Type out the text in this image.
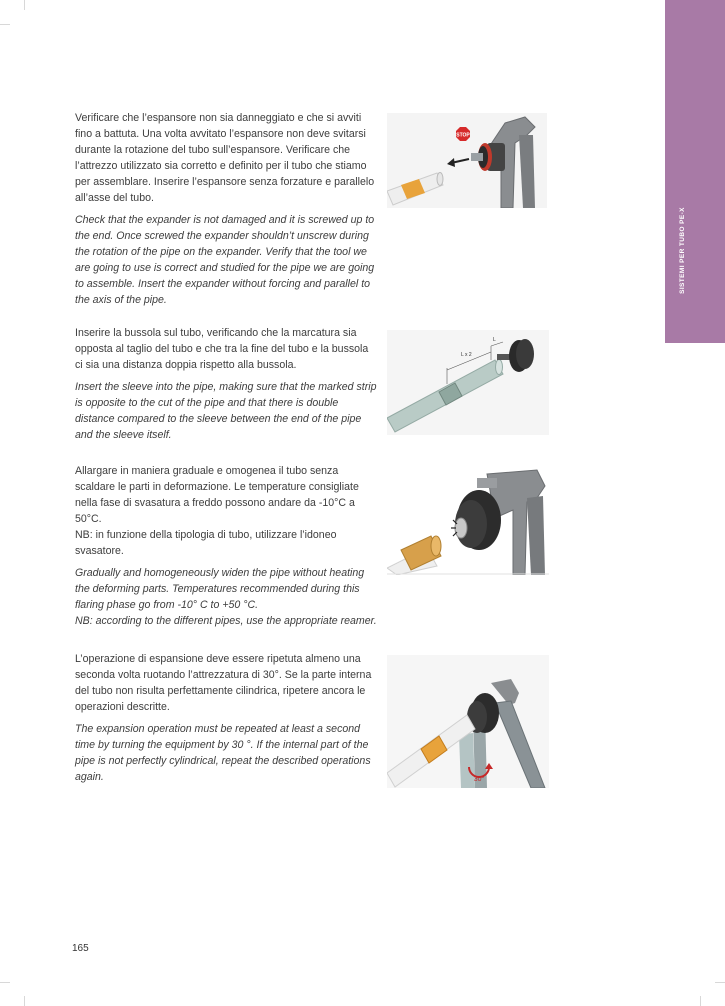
SISTEMI PER TUBO PE-X

Verificare che l’espansore non sia danneggiato e che si avviti
fino a battuta. Una volta avvitato l’espansore non deve svitarsi
durante la rotazione del tubo sull’espansore. Verificare che
l’attrezzo utilizzato sia corretto e definito per il tubo che stiamo
per assemblare. Inserire l’espansore senza forzature e parallelo
all’asse del tubo.

Check that the expander is not damaged and it is screwed up to
the end. Once screwed the expander shouldn’t unscrew during
the rotation of the pipe on the expander. Verify that the tool we
are going to use is correct and studied for the pipe we are going
to assemble. Insert the expander without forcing and parallel to
the axis of the pipe.

STOP

Inserire la bussola sul tubo, verificando che la marcatura sia
opposta al taglio del tubo e che tra la fine del tubo e la bussola
ci sia una distanza doppia rispetto alla bussola.

Insert the sleeve into the pipe, making sure that the marked strip
is opposite to the cut of the pipe and that there is double
distance compared to the sleeve between the end of the pipe
and the sleeve itself.

L x 2
L

Allargare in maniera graduale e omogenea il tubo senza
scaldare le parti in deformazione. Le temperature consigliate
nella fase di svasatura a freddo possono andare da -10°C a
50°C.
NB: in funzione della tipologia di tubo, utilizzare l’idoneo
svasatore.

Gradually and homogeneously widen the pipe without heating
the deforming parts. Temperatures recommended during this
flaring phase go from -10° C to +50 °C.
NB: according to the different pipes, use the appropriate reamer.

L’operazione di espansione deve essere ripetuta almeno una
seconda volta ruotando l’attrezzatura di 30°. Se la parte interna
del tubo non risulta perfettamente cilindrica, ripetere ancora le
operazioni descritte.

The expansion operation must be repeated at least a second
time by turning the equipment by 30 °. If the internal part of the
pipe is not perfectly cylindrical, repeat the described operations
again.	30°
165
